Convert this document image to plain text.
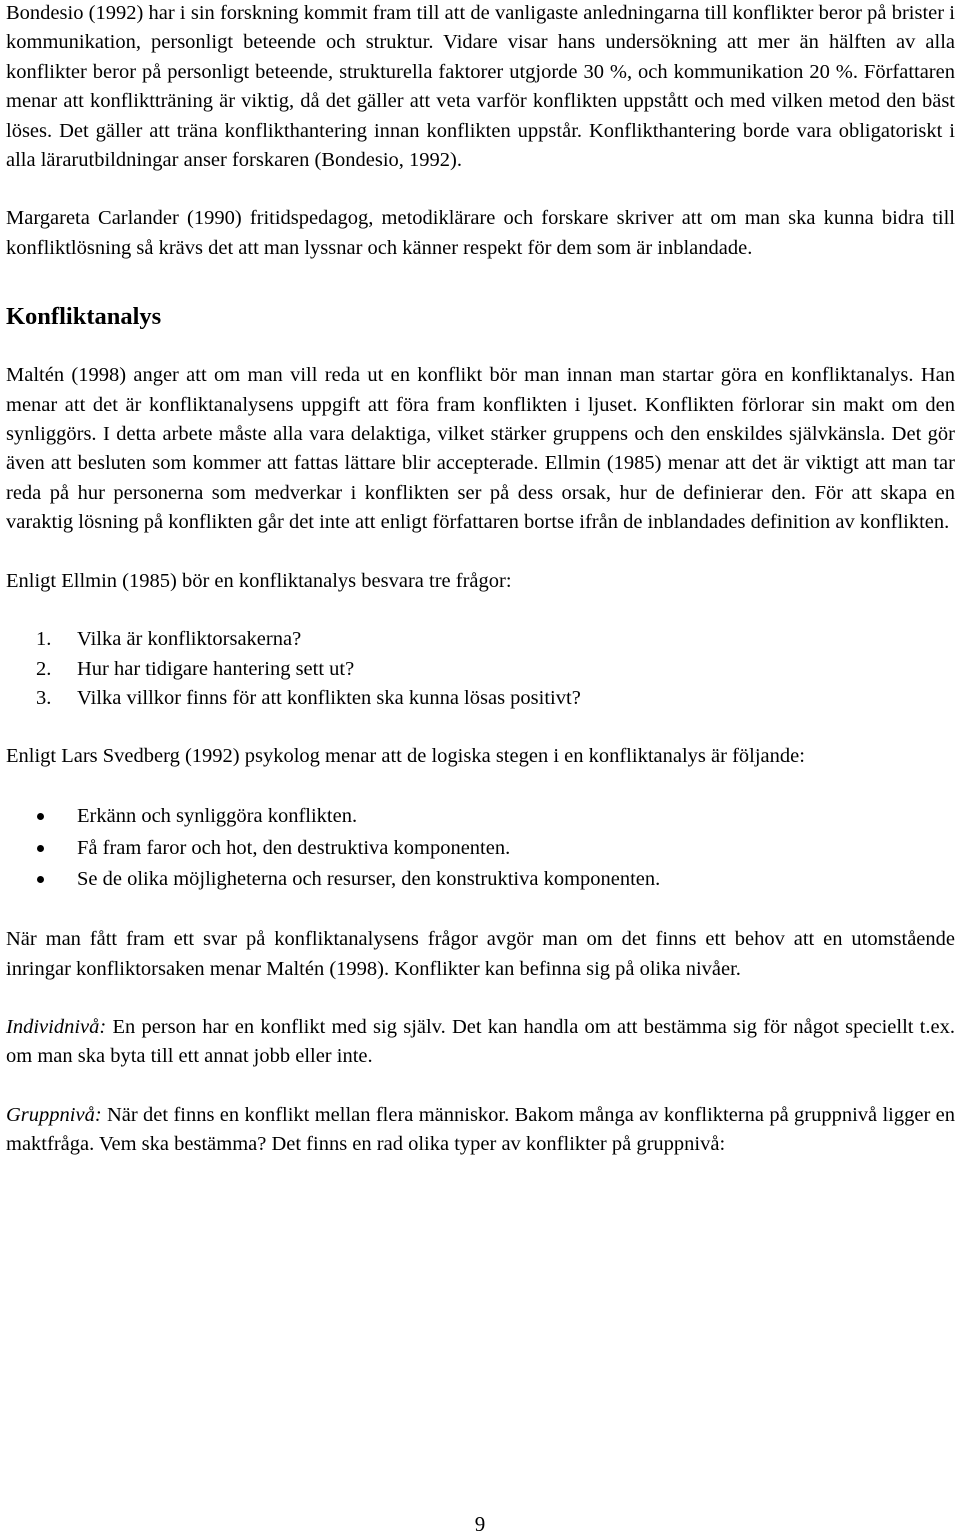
Bondesio (1992) har i sin forskning kommit fram till att de vanligaste anledningarna till konflikter beror på brister i kommunikation, personligt beteende och struktur. Vidare visar hans undersökning att mer än hälften av alla konflikter beror på personligt beteende, strukturella faktorer utgjorde 30 %, och kommunikation 20 %. Författaren menar att konfliktträning är viktig, då det gäller att veta varför konflikten uppstått och med vilken metod den bäst löses. Det gäller att träna konflikthantering innan konflikten uppstår. Konflikthantering borde vara obligatoriskt i alla lärarutbildningar anser forskaren (Bondesio, 1992).

Margareta Carlander (1990) fritidspedagog, metodiklärare och forskare skriver att om man ska kunna bidra till konfliktlösning så krävs det att man lyssnar och känner respekt för dem som är inblandade.

Konfliktanalys

Maltén (1998) anger att om man vill reda ut en konflikt bör man innan man startar göra en konfliktanalys. Han menar att det är konfliktanalysens uppgift att föra fram konflikten i ljuset. Konflikten förlorar sin makt om den synliggörs. I detta arbete måste alla vara delaktiga, vilket stärker gruppens och den enskildes självkänsla. Det gör även att besluten som kommer att fattas lättare blir accepterade. Ellmin (1985) menar att det är viktigt att man tar reda på hur personerna som medverkar i konflikten ser på dess orsak, hur de definierar den. För att skapa en varaktig lösning på konflikten går det inte att enligt författaren bortse ifrån de inblandades definition av konflikten.

Enligt Ellmin (1985) bör en konfliktanalys besvara tre frågor:

1. Vilka är konfliktorsakerna?
2. Hur har tidigare hantering sett ut?
3. Vilka villkor finns för att konflikten ska kunna lösas positivt?

Enligt Lars Svedberg (1992) psykolog menar att de logiska stegen i en konfliktanalys är följande:

Erkänn och synliggöra konflikten.
Få fram faror och hot, den destruktiva komponenten.
Se de olika möjligheterna och resurser, den konstruktiva komponenten.

När man fått fram ett svar på konfliktanalysens frågor avgör man om det finns ett behov att en utomstående inringar konfliktorsaken menar Maltén (1998). Konflikter kan befinna sig på olika nivåer.

Individnivå: En person har en konflikt med sig själv. Det kan handla om att bestämma sig för något speciellt t.ex. om man ska byta till ett annat jobb eller inte.

Gruppnivå: När det finns en konflikt mellan flera människor. Bakom många av konflikterna på gruppnivå ligger en maktfråga. Vem ska bestämma? Det finns en rad olika typer av konflikter på gruppnivå:

9
